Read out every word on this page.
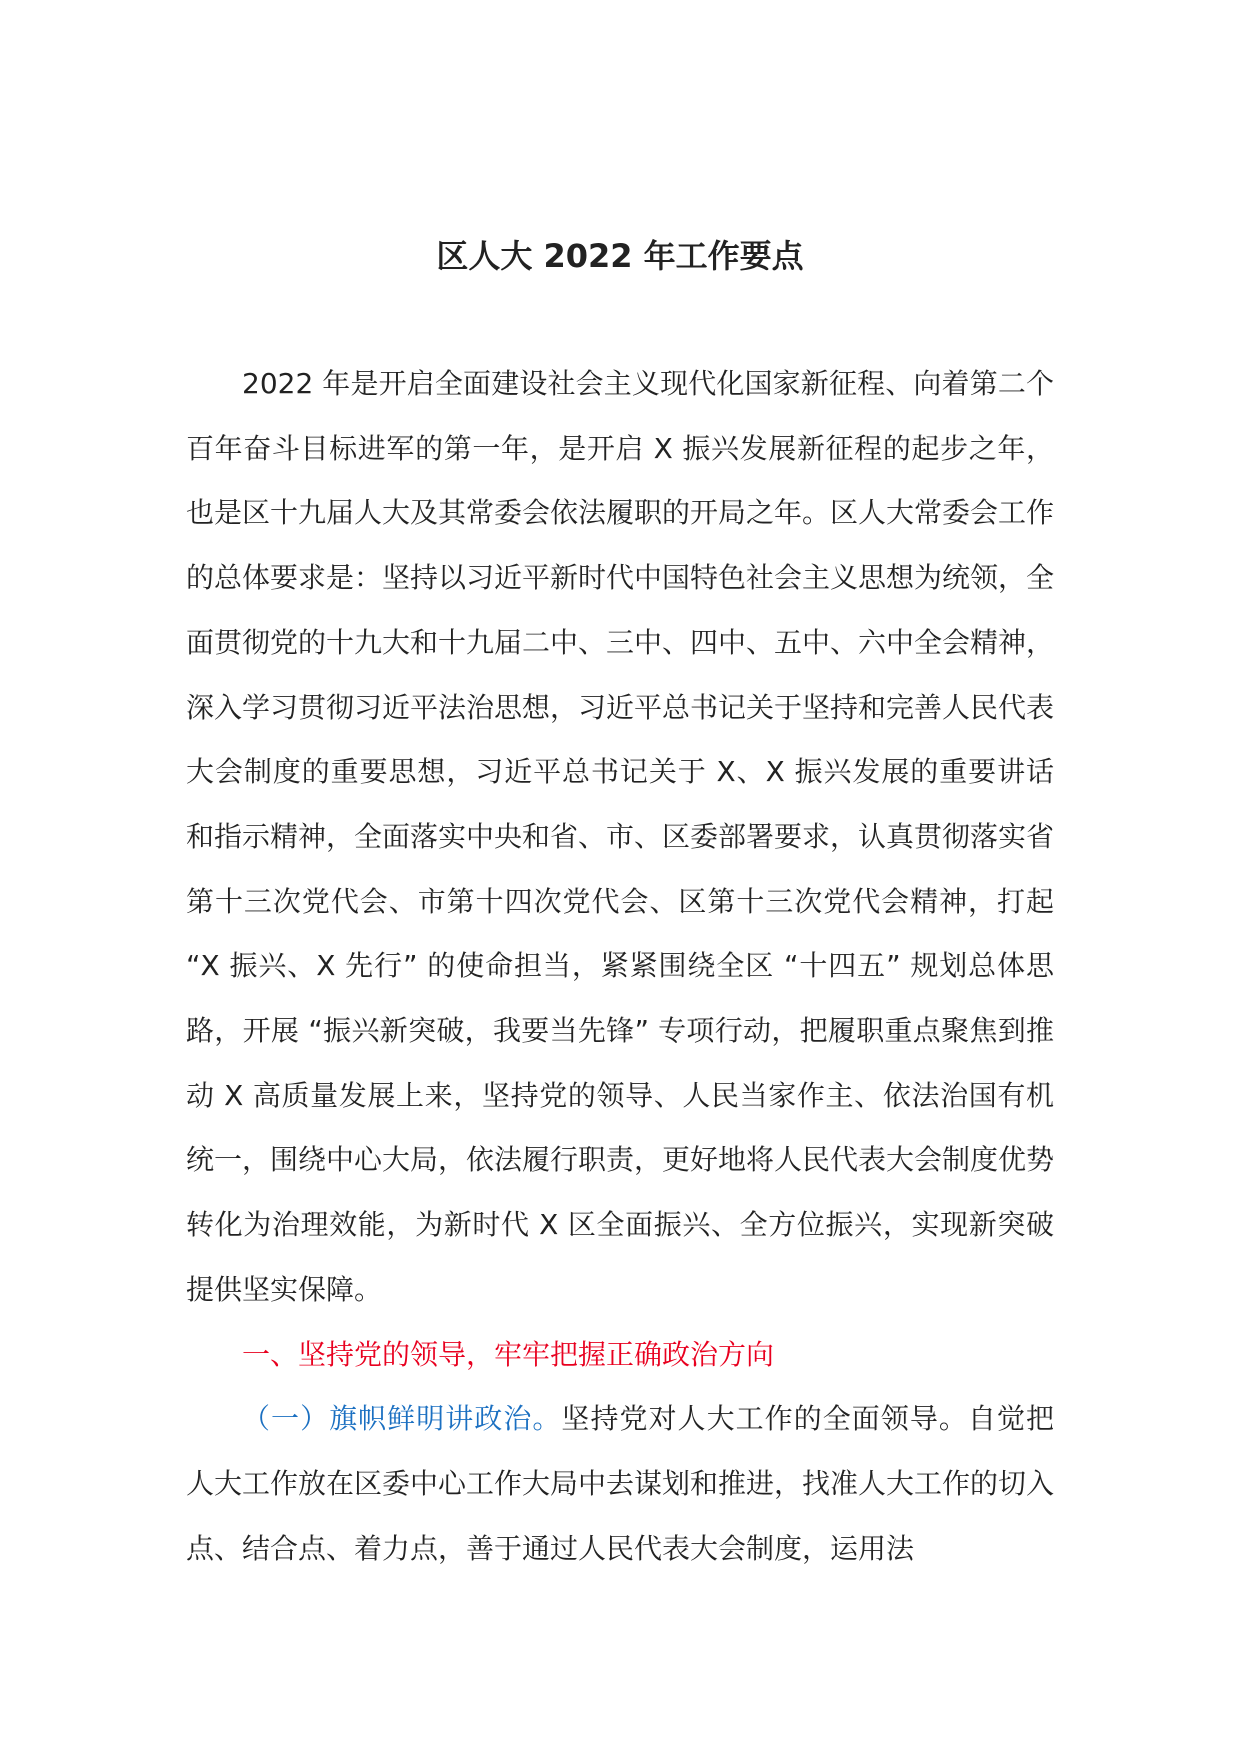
区人大 2022 年工作要点

2022 年是开启全面建设社会主义现代化国家新征程、向着第二个百年奋斗目标进军的第一年，是开启 X 振兴发展新征程的起步之年，也是区十九届人大及其常委会依法履职的开局之年。区人大常委会工作的总体要求是：坚持以习近平新时代中国特色社会主义思想为统领，全面贯彻党的十九大和十九届二中、三中、四中、五中、六中全会精神，深入学习贯彻习近平法治思想，习近平总书记关于坚持和完善人民代表大会制度的重要思想，习近平总书记关于 X、X 振兴发展的重要讲话和指示精神，全面落实中央和省、市、区委部署要求，认真贯彻落实省第十三次党代会、市第十四次党代会、区第十三次党代会精神，打起 “X 振兴、X 先行” 的使命担当，紧紧围绕全区 “十四五” 规划总体思路，开展 “振兴新突破，我要当先锋” 专项行动，把履职重点聚焦到推动 X 高质量发展上来，坚持党的领导、人民当家作主、依法治国有机统一，围绕中心大局，依法履行职责，更好地将人民代表大会制度优势转化为治理效能，为新时代 X 区全面振兴、全方位振兴，实现新突破提供坚实保障。

一、坚持党的领导，牢牢把握正确政治方向

（一）旗帜鲜明讲政治。坚持党对人大工作的全面领导。自觉把人大工作放在区委中心工作大局中去谋划和推进，找准人大工作的切入点、结合点、着力点，善于通过人民代表大会制度，运用法
